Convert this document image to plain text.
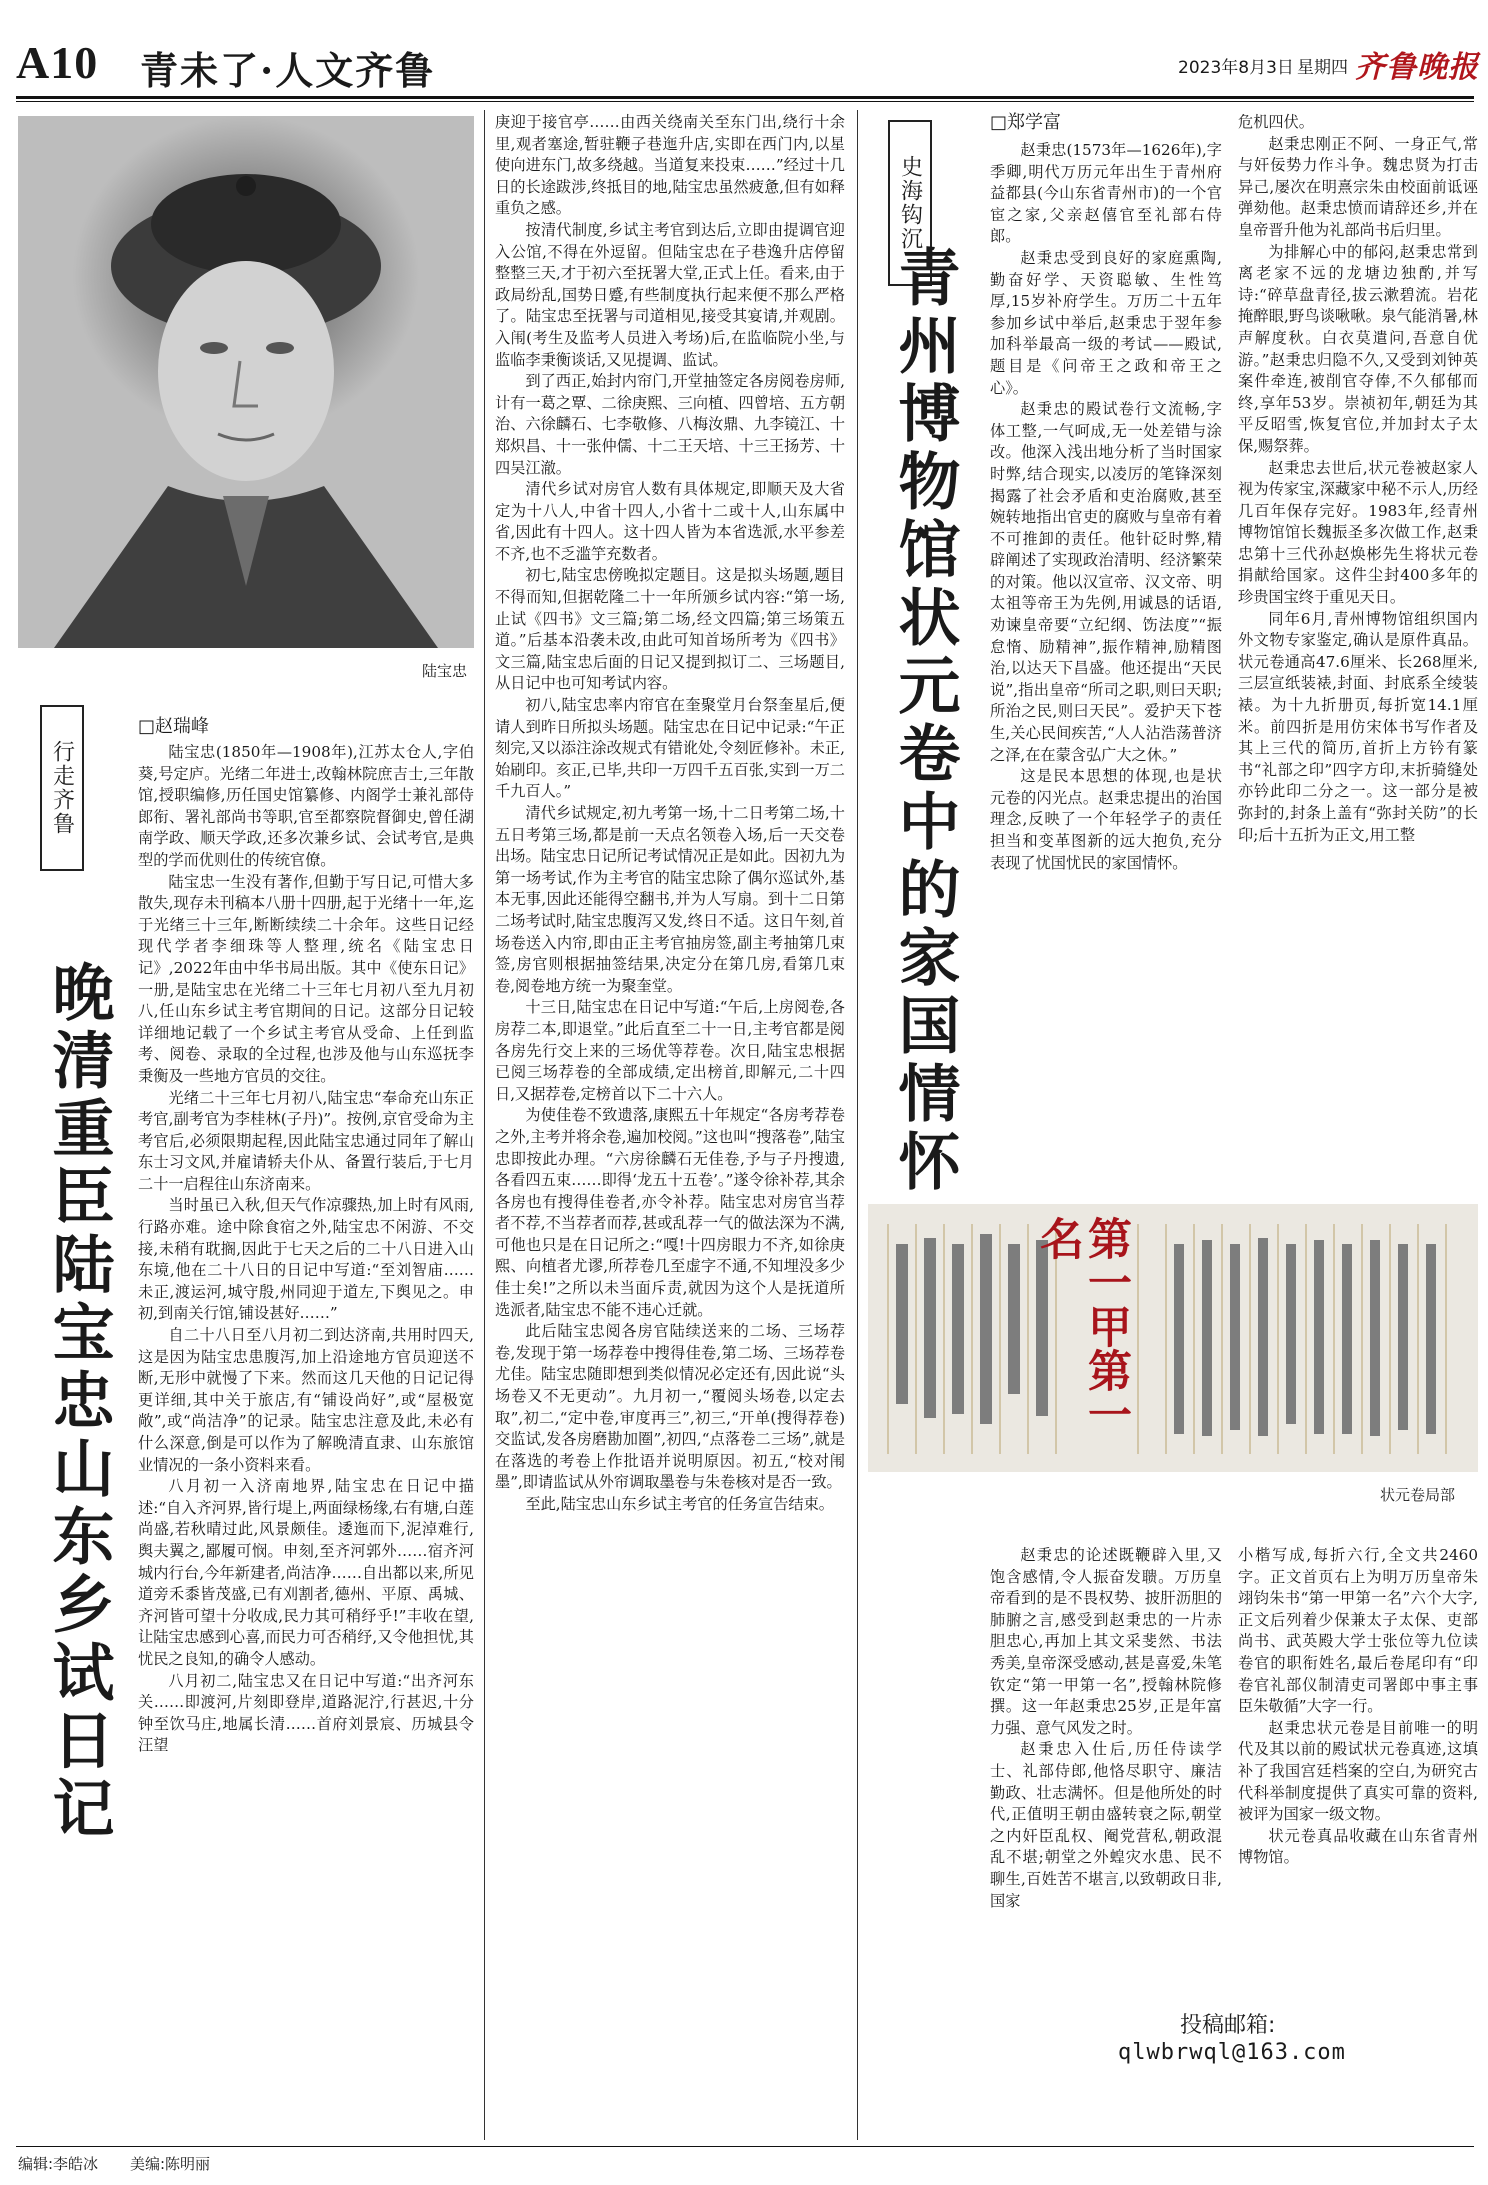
A10 青未了·人文齐鲁	2023年8月3日 星期四 齐鲁晚报
陆宝忠
行走齐鲁
晚清重臣陆宝忠山东乡试日记
□赵瑞峰

陆宝忠(1850年—1908年),江苏太仓人,字伯葵,号定庐。光绪二年进士,改翰林院庶吉士,三年散馆,授职编修,历任国史馆纂修、内阁学士兼礼部侍郎衔、署礼部尚书等职,官至都察院督御史,曾任湖南学政、顺天学政,还多次兼乡试、会试考官,是典型的学而优则仕的传统官僚。

陆宝忠一生没有著作,但勤于写日记,可惜大多散失,现存未刊稿本八册十四册,起于光绪十一年,迄于光绪三十三年,断断续续二十余年。这些日记经现代学者李细珠等人整理,统名《陆宝忠日记》,2022年由中华书局出版。其中《使东日记》一册,是陆宝忠在光绪二十三年七月初八至九月初八,任山东乡试主考官期间的日记。这部分日记较详细地记载了一个乡试主考官从受命、上任到监考、阅卷、录取的全过程,也涉及他与山东巡抚李秉衡及一些地方官员的交往。

光绪二十三年七月初八,陆宝忠“奉命充山东正考官,副考官为李桂林(子丹)”。按例,京官受命为主考官后,必须限期起程,因此陆宝忠通过同年了解山东士习文风,并雇请轿夫仆从、备置行装后,于七月二十一启程往山东济南来。

当时虽已入秋,但天气作凉骤热,加上时有风雨,行路亦难。途中除食宿之外,陆宝忠不闲游、不交接,未稍有耽搁,因此于七天之后的二十八日进入山东境,他在二十八日的日记中写道:“至刘智庙……未正,渡运河,城守殷,州同迎于道左,下舆见之。申初,到南关行馆,铺设甚好……”

自二十八日至八月初二到达济南,共用时四天,这是因为陆宝忠患腹泻,加上沿途地方官员迎送不断,无形中就慢了下来。然而这几天他的日记记得更详细,其中关于旅店,有“铺设尚好”,或“屋极宽敞”,或“尚洁净”的记录。陆宝忠注意及此,未必有什么深意,倒是可以作为了解晚清直隶、山东旅馆业情况的一条小资料来看。

八月初一入济南地界,陆宝忠在日记中描述:“自入齐河界,皆行堤上,两面绿杨缘,右有塘,白莲尚盛,若秋晴过此,风景颇佳。逶迤而下,泥淖难行,舆夫翼之,鄙履可悯。申刻,至齐河郭外……宿齐河城内行台,今年新建者,尚洁净……自出都以来,所见道旁禾黍皆茂盛,已有刈割者,德州、平原、禹城、齐河皆可望十分收成,民力其可稍纾乎!”丰收在望,让陆宝忠感到心喜,而民力可否稍纾,又令他担忧,其忧民之良知,的确令人感动。

八月初二,陆宝忠又在日记中写道:“出齐河东关……即渡河,片刻即登岸,道路泥泞,行甚迟,十分钟至饮马庄,地属长清……首府刘景宸、历城县令汪望

庚迎于接官亭……由西关绕南关至东门出,绕行十余里,观者塞途,暂驻鞭子巷迤升店,实即在西门内,以星使向进东门,故多绕越。当道复来投束……”经过十几日的长途跋涉,终抵目的地,陆宝忠虽然疲惫,但有如释重负之感。

按清代制度,乡试主考官到达后,立即由提调官迎入公馆,不得在外逗留。但陆宝忠在子巷逸升店停留整整三天,才于初六至抚署大堂,正式上任。看来,由于政局纷乱,国势日蹙,有些制度执行起来便不那么严格了。陆宝忠至抚署与司道相见,接受其宴请,并观剧。入闱(考生及监考人员进入考场)后,在监临院小坐,与监临李秉衡谈话,又见提调、监试。

到了西正,始封内帘门,开堂抽签定各房阅卷房师,计有一葛之覃、二徐庚熙、三向植、四曾培、五方朝治、六徐麟石、七李敬修、八梅汝鼎、九李镜江、十郑炽昌、十一张仲儒、十二王天培、十三王扬芳、十四吴江澈。

清代乡试对房官人数有具体规定,即顺天及大省定为十八人,中省十四人,小省十二或十人,山东属中省,因此有十四人。这十四人皆为本省选派,水平参差不齐,也不乏滥竽充数者。

初七,陆宝忠傍晚拟定题目。这是拟头场题,题目不得而知,但据乾隆二十一年所颁乡试内容:“第一场,止试《四书》文三篇;第二场,经文四篇;第三场策五道。”后基本沿袭未改,由此可知首场所考为《四书》文三篇,陆宝忠后面的日记又提到拟订二、三场题目,从日记中也可知考试内容。

初八,陆宝忠率内帘官在奎聚堂月台祭奎星后,便请人到昨日所拟头场题。陆宝忠在日记中记录:“午正刻完,又以添注涂改规式有错讹处,令刻匠修补。未正,始刷印。亥正,已毕,共印一万四千五百张,实到一万二千九百人。”

清代乡试规定,初九考第一场,十二日考第二场,十五日考第三场,都是前一天点名领卷入场,后一天交卷出场。陆宝忠日记所记考试情况正是如此。因初九为第一场考试,作为主考官的陆宝忠除了偶尔巡试外,基本无事,因此还能得空翻书,并为人写扇。到十二日第二场考试时,陆宝忠腹泻又发,终日不适。这日午刻,首场卷送入内帘,即由正主考官抽房签,副主考抽第几束签,房官则根据抽签结果,决定分在第几房,看第几束卷,阅卷地方统一为聚奎堂。

十三日,陆宝忠在日记中写道:“午后,上房阅卷,各房荐二本,即退堂。”此后直至二十一日,主考官都是阅各房先行交上来的三场优等荐卷。次日,陆宝忠根据已阅三场荐卷的全部成绩,定出榜首,即解元,二十四日,又据荐卷,定榜首以下二十六人。

为使佳卷不致遗落,康熙五十年规定“各房考荐卷之外,主考并将余卷,遍加校阅。”这也叫“搜落卷”,陆宝忠即按此办理。“六房徐麟石无佳卷,予与子丹搜遗,各看四五束……即得‘龙五十五卷’。”遂令徐补荐,其余各房也有搜得佳卷者,亦令补荐。陆宝忠对房官当荐者不荐,不当荐者而荐,甚或乱荐一气的做法深为不满,可他也只是在日记所之:“嘎!十四房眼力不齐,如徐庚熙、向植者尤谬,所荐卷几至虚字不通,不知埋没多少佳士矣!”之所以未当面斥责,就因为这个人是抚道所选派者,陆宝忠不能不违心迁就。

此后陆宝忠阅各房官陆续送来的二场、三场荐卷,发现于第一场荐卷中搜得佳卷,第二场、三场荐卷尤佳。陆宝忠随即想到类似情况必定还有,因此说“头场卷又不无更动”。九月初一,“覆阅头场卷,以定去取”,初二,“定中卷,审度再三”,初三,“开单(搜得荐卷)交监试,发各房磨勘加圈”,初四,“点落卷二三场”,就是在落选的考卷上作批语并说明原因。初五,“校对闱墨”,即请监试从外帘调取墨卷与朱卷核对是否一致。

至此,陆宝忠山东乡试主考官的任务宣告结束。

史海钩沉
青州博物馆状元卷中的家国情怀
□郑学富

赵秉忠(1573年—1626年),字季卿,明代万历元年出生于青州府益都县(今山东省青州市)的一个官宦之家,父亲赵僖官至礼部右侍郎。

赵秉忠受到良好的家庭熏陶,勤奋好学、天资聪敏、生性笃厚,15岁补府学生。万历二十五年参加乡试中举后,赵秉忠于翌年参加科举最高一级的考试——殿试,题目是《问帝王之政和帝王之心》。

赵秉忠的殿试卷行文流畅,字体工整,一气呵成,无一处差错与涂改。他深入浅出地分析了当时国家时弊,结合现实,以凌厉的笔锋深刻揭露了社会矛盾和吏治腐败,甚至婉转地指出官吏的腐败与皇帝有着不可推卸的责任。他针砭时弊,精辟阐述了实现政治清明、经济繁荣的对策。他以汉宣帝、汉文帝、明太祖等帝王为先例,用诚恳的话语,劝谏皇帝要“立纪纲、饬法度”“振怠惰、励精神”,振作精神,励精图治,以达天下昌盛。他还提出“天民说”,指出皇帝“所司之职,则曰天职;所治之民,则曰天民”。爱护天下苍生,关心民间疾苦,“人人沾浩荡普济之泽,在在蒙含弘广大之休。”

这是民本思想的体现,也是状元卷的闪光点。赵秉忠提出的治国理念,反映了一个年轻学子的责任担当和变革图新的远大抱负,充分表现了忧国忧民的家国情怀。

危机四伏。

赵秉忠刚正不阿、一身正气,常与奸佞势力作斗争。魏忠贤为打击异己,屡次在明熹宗朱由校面前诋诬弹劾他。赵秉忠愤而请辞还乡,并在皇帝晋升他为礼部尚书后归里。

为排解心中的郁闷,赵秉忠常到离老家不远的龙塘边独酌,并写诗:“碎草盘青径,拔云漱碧流。岩花掩醉眼,野鸟谈啾啾。泉气能消暑,林声解度秋。白衣莫遣问,吾意自优游。”赵秉忠归隐不久,又受到刘钟英案件牵连,被削官夺俸,不久郁郁而终,享年53岁。崇祯初年,朝廷为其平反昭雪,恢复官位,并加封太子太保,赐祭葬。

赵秉忠去世后,状元卷被赵家人视为传家宝,深藏家中秘不示人,历经几百年保存完好。1983年,经青州博物馆馆长魏振圣多次做工作,赵秉忠第十三代孙赵焕彬先生将状元卷捐献给国家。这件尘封400多年的珍贵国宝终于重见天日。

同年6月,青州博物馆组织国内外文物专家鉴定,确认是原件真品。状元卷通高47.6厘米、长268厘米,三层宣纸装裱,封面、封底系全绫装裱。为十九折册页,每折宽14.1厘米。前四折是用仿宋体书写作者及其上三代的简历,首折上方钤有篆书“礼部之印”四字方印,末折骑缝处亦钤此印二分之一。这一部分是被弥封的,封条上盖有“弥封关防”的长印;后十五折为正文,用工整

第一甲第一名
状元卷局部

赵秉忠的论述既鞭辟入里,又饱含感情,令人振奋发聩。万历皇帝看到的是不畏权势、披肝沥胆的肺腑之言,感受到赵秉忠的一片赤胆忠心,再加上其文采斐然、书法秀美,皇帝深受感动,甚是喜爱,朱笔钦定“第一甲第一名”,授翰林院修撰。这一年赵秉忠25岁,正是年富力强、意气风发之时。

赵秉忠入仕后,历任侍读学士、礼部侍郎,他恪尽职守、廉洁勤政、壮志满怀。但是他所处的时代,正值明王朝由盛转衰之际,朝堂之内奸臣乱权、阉党营私,朝政混乱不堪;朝堂之外蝗灾水患、民不聊生,百姓苦不堪言,以致朝政日非,国家

小楷写成,每折六行,全文共2460字。正文首页右上为明万历皇帝朱翊钧朱书“第一甲第一名”六个大字,正文后列着少保兼太子太保、吏部尚书、武英殿大学士张位等九位读卷官的职衔姓名,最后卷尾印有“印卷官礼部仪制清吏司署郎中事主事臣朱敬循”大字一行。

赵秉忠状元卷是目前唯一的明代及其以前的殿试状元卷真迹,这填补了我国宫廷档案的空白,为研究古代科举制度提供了真实可靠的资料,被评为国家一级文物。

状元卷真品收藏在山东省青州博物馆。

投稿邮箱:
qlwbrwql@163.com
编辑:李皓冰 美编:陈明丽
